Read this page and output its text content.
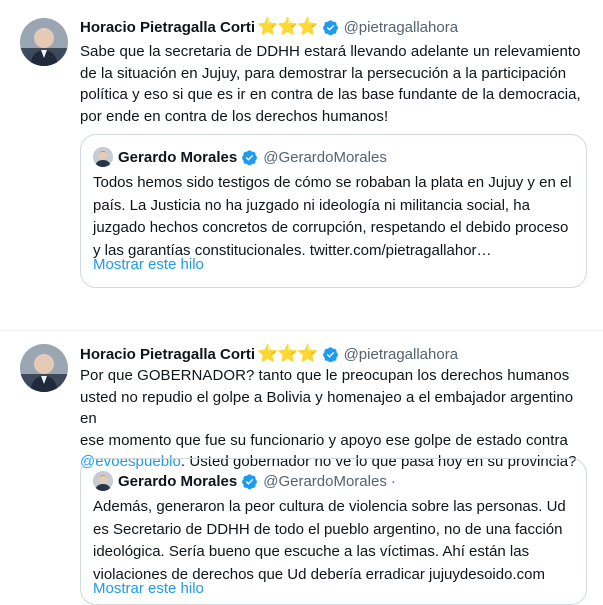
Horacio Pietragalla Corti ⭐⭐⭐ @pietragallahora
Sabe que la secretaria de DDHH estará llevando adelante un relevamiento
de la situación en Jujuy, para demostrar la persecución a la participación
política y eso si que es ir en contra de las base fundante de la democracia,
por ende en contra de los derechos humanos!
Gerardo Morales @GerardoMorales
Todos hemos sido testigos de cómo se robaban la plata en Jujuy y en el
país. La Justicia no ha juzgado ni ideología ni militancia social, ha
juzgado hechos concretos de corrupción, respetando el debido proceso
y las garantías constitucionales. twitter.com/pietragallahor…
Mostrar este hilo
Horacio Pietragalla Corti ⭐⭐⭐ @pietragallahora
Por que GOBERNADOR? tanto que le preocupan los derechos humanos
usted no repudio el golpe a Bolivia y homenajeo a el embajador argentino en
ese momento que fue su funcionario y apoyo ese golpe de estado contra
@evoespueblo. Usted gobernador no ve lo que pasa hoy en su provincia?
Gerardo Morales @GerardoMorales ·
Además, generaron la peor cultura de violencia sobre las personas. Ud
es Secretario de DDHH de todo el pueblo argentino, no de una facción
ideológica. Sería bueno que escuche a las víctimas. Ahí están las
violaciones de derechos que Ud debería erradicar jujuydesoido.com
Mostrar este hilo
